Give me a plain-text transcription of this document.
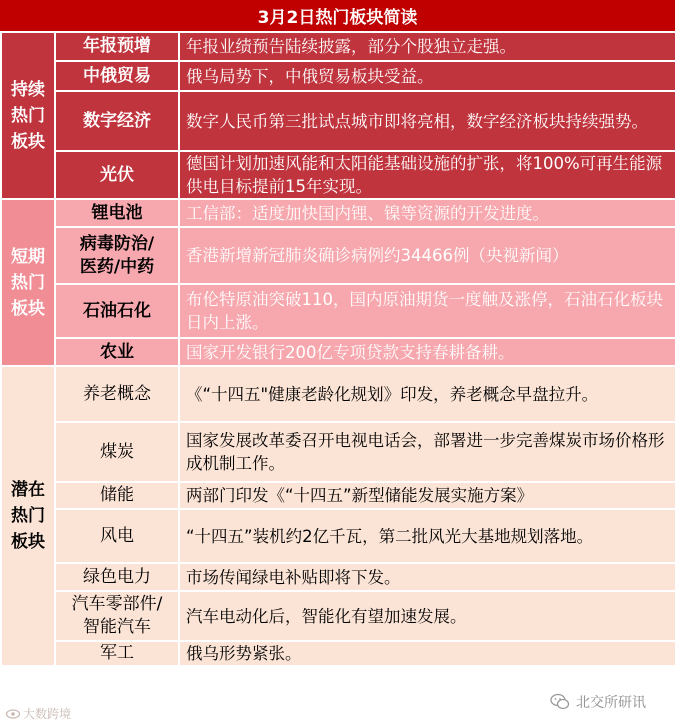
3月2日热门板块简读
持续
热门
板块	年报预增	年报业绩预告陆续披露，部分个股独立走强。

	中俄贸易	俄乌局势下，中俄贸易板块受益。

	数字经济	数字人民币第三批试点城市即将亮相，数字经济板块持续强势。

	光伏	德国计划加速风能和太阳能基础设施的扩张，将100%可再生能源供电目标提前15年实现。

短期
热门
板块	锂电池	工信部：适度加快国内锂、镍等资源的开发进度。

	病毒防治/
医药/中药	香港新增新冠肺炎确诊病例约34466例（央视新闻）

	石油石化	布伦特原油突破110，国内原油期货一度触及涨停，石油石化板块日内上涨。

	农业	国家开发银行200亿专项贷款支持春耕备耕。

潜在
热门
板块	养老概念	《“十四五"健康老龄化规划》印发，养老概念早盘拉升。

	煤炭	国家发展改革委召开电视电话会，部署进一步完善煤炭市场价格形成机制工作。

	储能	两部门印发《“十四五”新型储能发展实施方案》

	风电	“十四五”装机约2亿千瓦，第二批风光大基地规划落地。

	绿色电力	市场传闻绿电补贴即将下发。

	汽车零部件/
智能汽车	汽车电动化后，智能化有望加速发展。

	军工	俄乌形势紧张。
大数跨境
北交所研讯
